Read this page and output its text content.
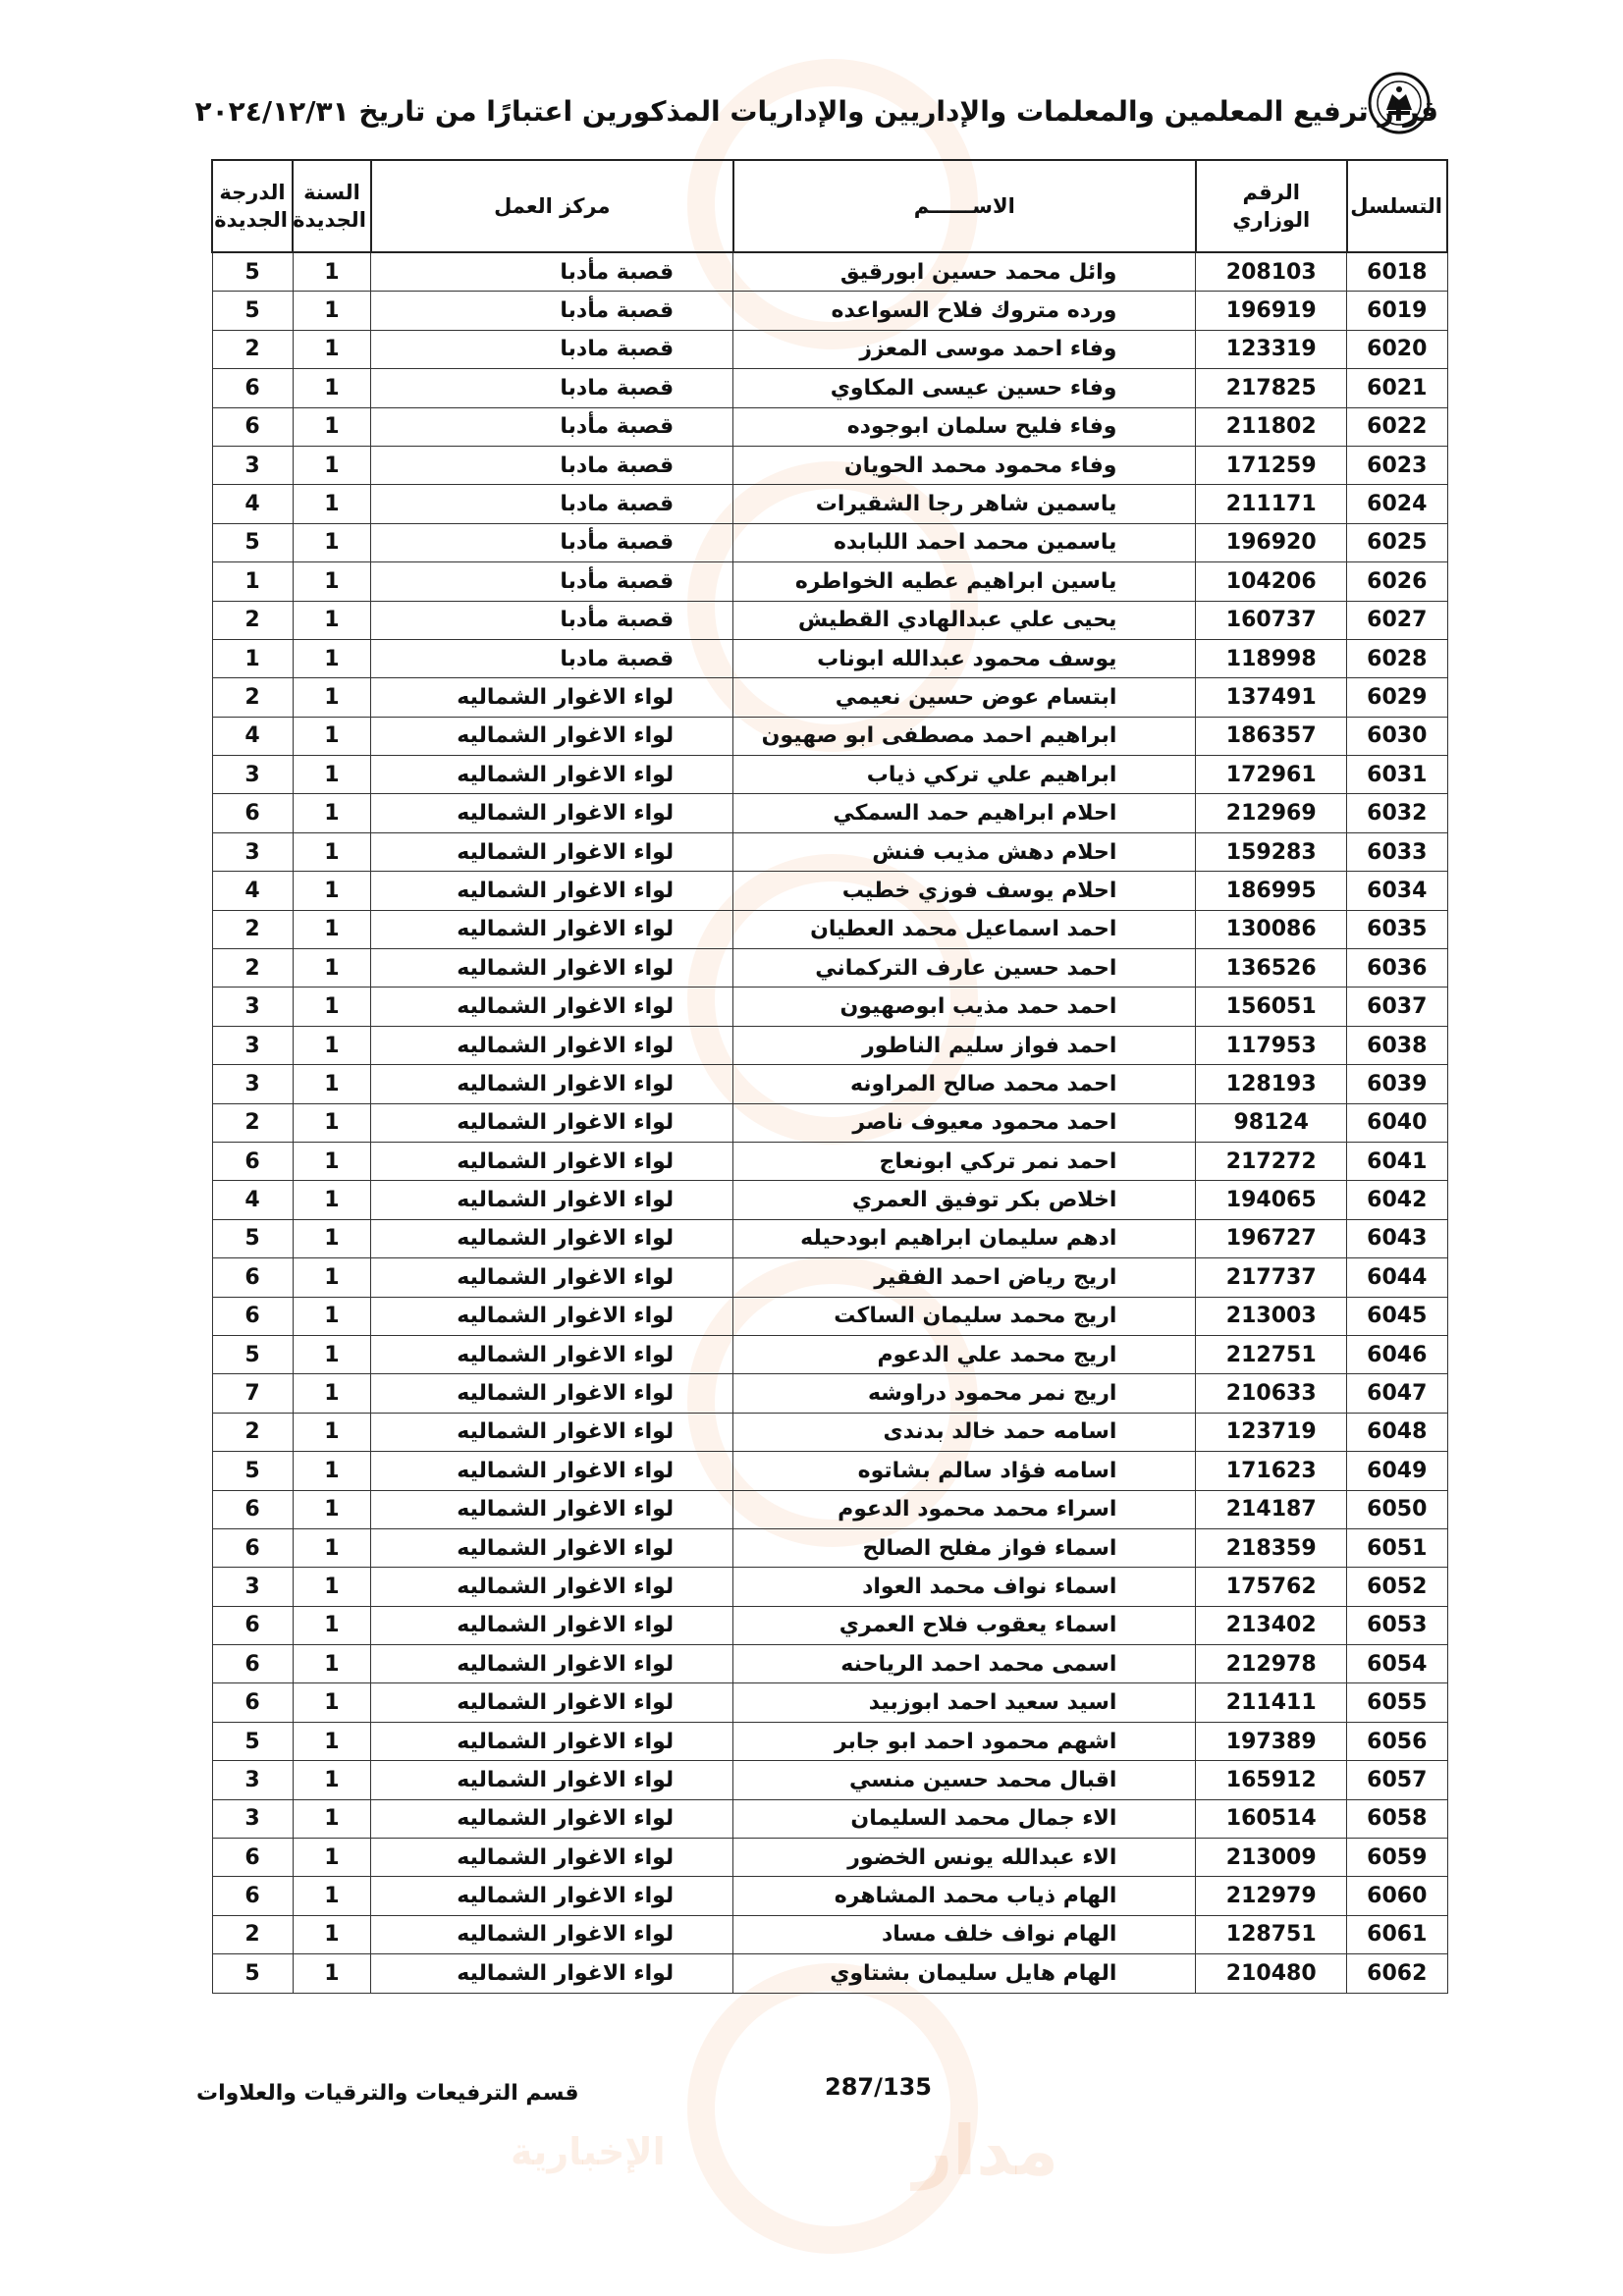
مدار
الإخبارية
قرار ترفيع المعلمين والمعلمات والإداريين والإداريات المذكورين اعتبارًا من تاريخ ٢٠٢٤/١٢/٣١
التسلسل	الرقم الوزاري	الاســــــم	مركز العمل	السنة الجديدة	الدرجة الجديدة
6018	208103	وائل محمد حسين ابورقيق	قصبة مأدبا	1	5
6019	196919	ورده متروك فلاح السواعده	قصبة مأدبا	1	5
6020	123319	وفاء احمد موسى المعزز	قصبة مادبا	1	2
6021	217825	وفاء حسين عيسى المكاوي	قصبة مادبا	1	6
6022	211802	وفاء فليح سلمان ابوجوده	قصبة مأدبا	1	6
6023	171259	وفاء محمود محمد الحويان	قصبة مادبا	1	3
6024	211171	ياسمين شاهر رجا الشقيرات	قصبة مادبا	1	4
6025	196920	ياسمين محمد احمد اللبابده	قصبة مأدبا	1	5
6026	104206	ياسين ابراهيم عطيه الخواطره	قصبة مأدبا	1	1
6027	160737	يحيى علي عبدالهادي القطيش	قصبة مأدبا	1	2
6028	118998	يوسف محمود عبدالله ابوناب	قصبة مادبا	1	1
6029	137491	ابتسام عوض حسين نعيمي	لواء الاغوار الشماليه	1	2
6030	186357	ابراهيم احمد مصطفى ابو صهيون	لواء الاغوار الشماليه	1	4
6031	172961	ابراهيم علي تركي ذياب	لواء الاغوار الشماليه	1	3
6032	212969	احلام ابراهيم حمد السمكي	لواء الاغوار الشماليه	1	6
6033	159283	احلام دهش مذيب فنش	لواء الاغوار الشماليه	1	3
6034	186995	احلام يوسف فوزي خطيب	لواء الاغوار الشماليه	1	4
6035	130086	احمد اسماعيل محمد العطيان	لواء الاغوار الشماليه	1	2
6036	136526	احمد حسين عارف التركماني	لواء الاغوار الشماليه	1	2
6037	156051	احمد حمد مذيب ابوصهيون	لواء الاغوار الشماليه	1	3
6038	117953	احمد فواز سليم الناطور	لواء الاغوار الشماليه	1	3
6039	128193	احمد محمد صالح المراونه	لواء الاغوار الشماليه	1	3
6040	98124	احمد محمود معيوف ناصر	لواء الاغوار الشماليه	1	2
6041	217272	احمد نمر تركي ابونعاج	لواء الاغوار الشماليه	1	6
6042	194065	اخلاص بكر توفيق العمري	لواء الاغوار الشماليه	1	4
6043	196727	ادهم سليمان ابراهيم ابودحيله	لواء الاغوار الشماليه	1	5
6044	217737	اريج رياض احمد الفقير	لواء الاغوار الشماليه	1	6
6045	213003	اريج محمد سليمان الساكت	لواء الاغوار الشماليه	1	6
6046	212751	اريج محمد علي الدعوم	لواء الاغوار الشماليه	1	5
6047	210633	اريج نمر محمود دراوشه	لواء الاغوار الشماليه	1	7
6048	123719	اسامه حمد خالد بدندى	لواء الاغوار الشماليه	1	2
6049	171623	اسامه فؤاد سالم بشاتوه	لواء الاغوار الشماليه	1	5
6050	214187	اسراء محمد محمود الدعوم	لواء الاغوار الشماليه	1	6
6051	218359	اسماء فواز مفلح الصالح	لواء الاغوار الشماليه	1	6
6052	175762	اسماء نواف محمد العواد	لواء الاغوار الشماليه	1	3
6053	213402	اسماء يعقوب فلاح العمري	لواء الاغوار الشماليه	1	6
6054	212978	اسمى محمد احمد الرياحنه	لواء الاغوار الشماليه	1	6
6055	211411	اسيد سعيد احمد ابوزبيد	لواء الاغوار الشماليه	1	6
6056	197389	اشهم محمود احمد ابو جابر	لواء الاغوار الشماليه	1	5
6057	165912	اقبال محمد حسين منسي	لواء الاغوار الشماليه	1	3
6058	160514	الاء جمال محمد السليمان	لواء الاغوار الشماليه	1	3
6059	213009	الاء عبدالله يونس الخضور	لواء الاغوار الشماليه	1	6
6060	212979	الهام ذياب محمد المشاهره	لواء الاغوار الشماليه	1	6
6061	128751	الهام نواف خلف مساد	لواء الاغوار الشماليه	1	2
6062	210480	الهام هايل سليمان بشتاوي	لواء الاغوار الشماليه	1	5
قسم الترفيعات والترقيات والعلاوات	287/135
